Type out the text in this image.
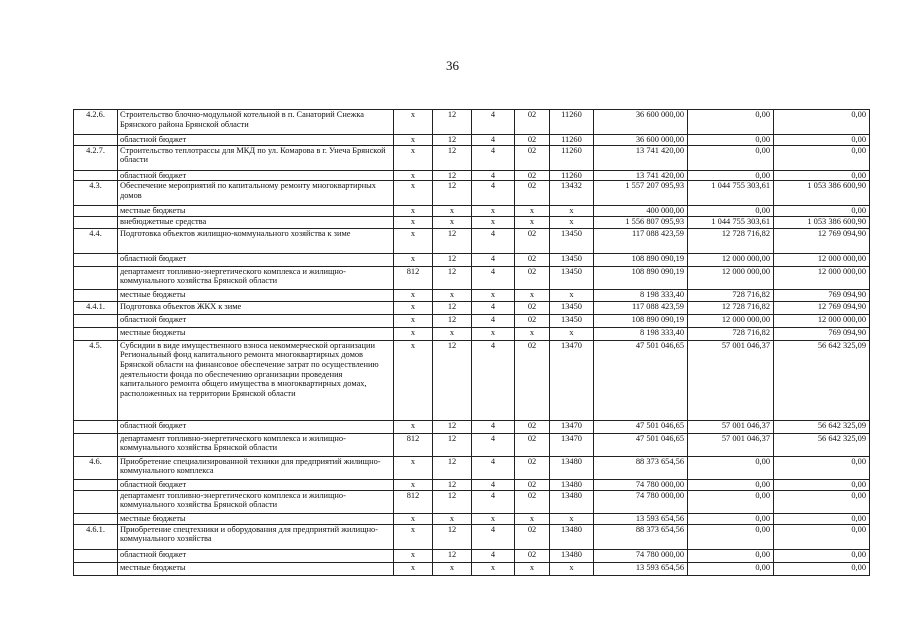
36
4.2.6.	Строительство блочно-модульной котельной в п. Санаторий Снежка Брянского района Брянской области	х	12	4	02	11260	36 600 000,00	0,00	0,00
	областной бюджет	х	12	4	02	11260	36 600 000,00	0,00	0,00
4.2.7.	Строительство теплотрассы для МКД по ул. Комарова в г. Унеча Брянской области	х	12	4	02	11260	13 741 420,00	0,00	0,00
	областной бюджет	х	12	4	02	11260	13 741 420,00	0,00	0,00
4.3.	Обеспечение мероприятий по капитальному ремонту многоквартирных домов	х	12	4	02	13432	1 557 207 095,93	1 044 755 303,61	1 053 386 600,90
	местные бюджеты	х	х	х	х	х	400 000,00	0,00	0,00
	внебюджетные средства	х	х	х	х	х	1 556 807 095,93	1 044 755 303,61	1 053 386 600,90
4.4.	Подготовка объектов жилищно-коммунального хозяйства к зиме	х	12	4	02	13450	117 088 423,59	12 728 716,82	12 769 094,90
	областной бюджет	х	12	4	02	13450	108 890 090,19	12 000 000,00	12 000 000,00
	департамент топливно-энергетического комплекса и жилищно-коммунального хозяйства Брянской области	812	12	4	02	13450	108 890 090,19	12 000 000,00	12 000 000,00
	местные бюджеты	х	х	х	х	х	8 198 333,40	728 716,82	769 094,90
4.4.1.	Подготовка объектов ЖКХ к зиме	х	12	4	02	13450	117 088 423,59	12 728 716,82	12 769 094,90
	областной бюджет	х	12	4	02	13450	108 890 090,19	12 000 000,00	12 000 000,00
	местные бюджеты	х	х	х	х	х	8 198 333,40	728 716,82	769 094,90
4.5.	Субсидии в виде имущественного взноса некоммерческой организации Региональный фонд капитального ремонта многоквартирных домов Брянской области на финансовое обеспечение затрат по осуществлению деятельности фонда по обеспечению организации проведения капитального ремонта общего имущества в многоквартирных домах, расположенных на территории Брянской области	х	12	4	02	13470	47 501 046,65	57 001 046,37	56 642 325,09
	областной бюджет	х	12	4	02	13470	47 501 046,65	57 001 046,37	56 642 325,09
	департамент топливно-энергетического комплекса и жилищно-коммунального хозяйства Брянской области	812	12	4	02	13470	47 501 046,65	57 001 046,37	56 642 325,09
4.6.	Приобретение специализированной техники для предприятий жилищно-коммунального комплекса	х	12	4	02	13480	88 373 654,56	0,00	0,00
	областной бюджет	х	12	4	02	13480	74 780 000,00	0,00	0,00
	департамент топливно-энергетического комплекса и жилищно-коммунального хозяйства Брянской области	812	12	4	02	13480	74 780 000,00	0,00	0,00
	местные бюджеты	х	х	х	х	х	13 593 654,56	0,00	0,00
4.6.1.	Приобретение спецтехники и оборудования для предприятий жилищно-коммунального хозяйства	х	12	4	02	13480	88 373 654,56	0,00	0,00
	областной бюджет	х	12	4	02	13480	74 780 000,00	0,00	0,00
	местные бюджеты	х	х	х	х	х	13 593 654,56	0,00	0,00
